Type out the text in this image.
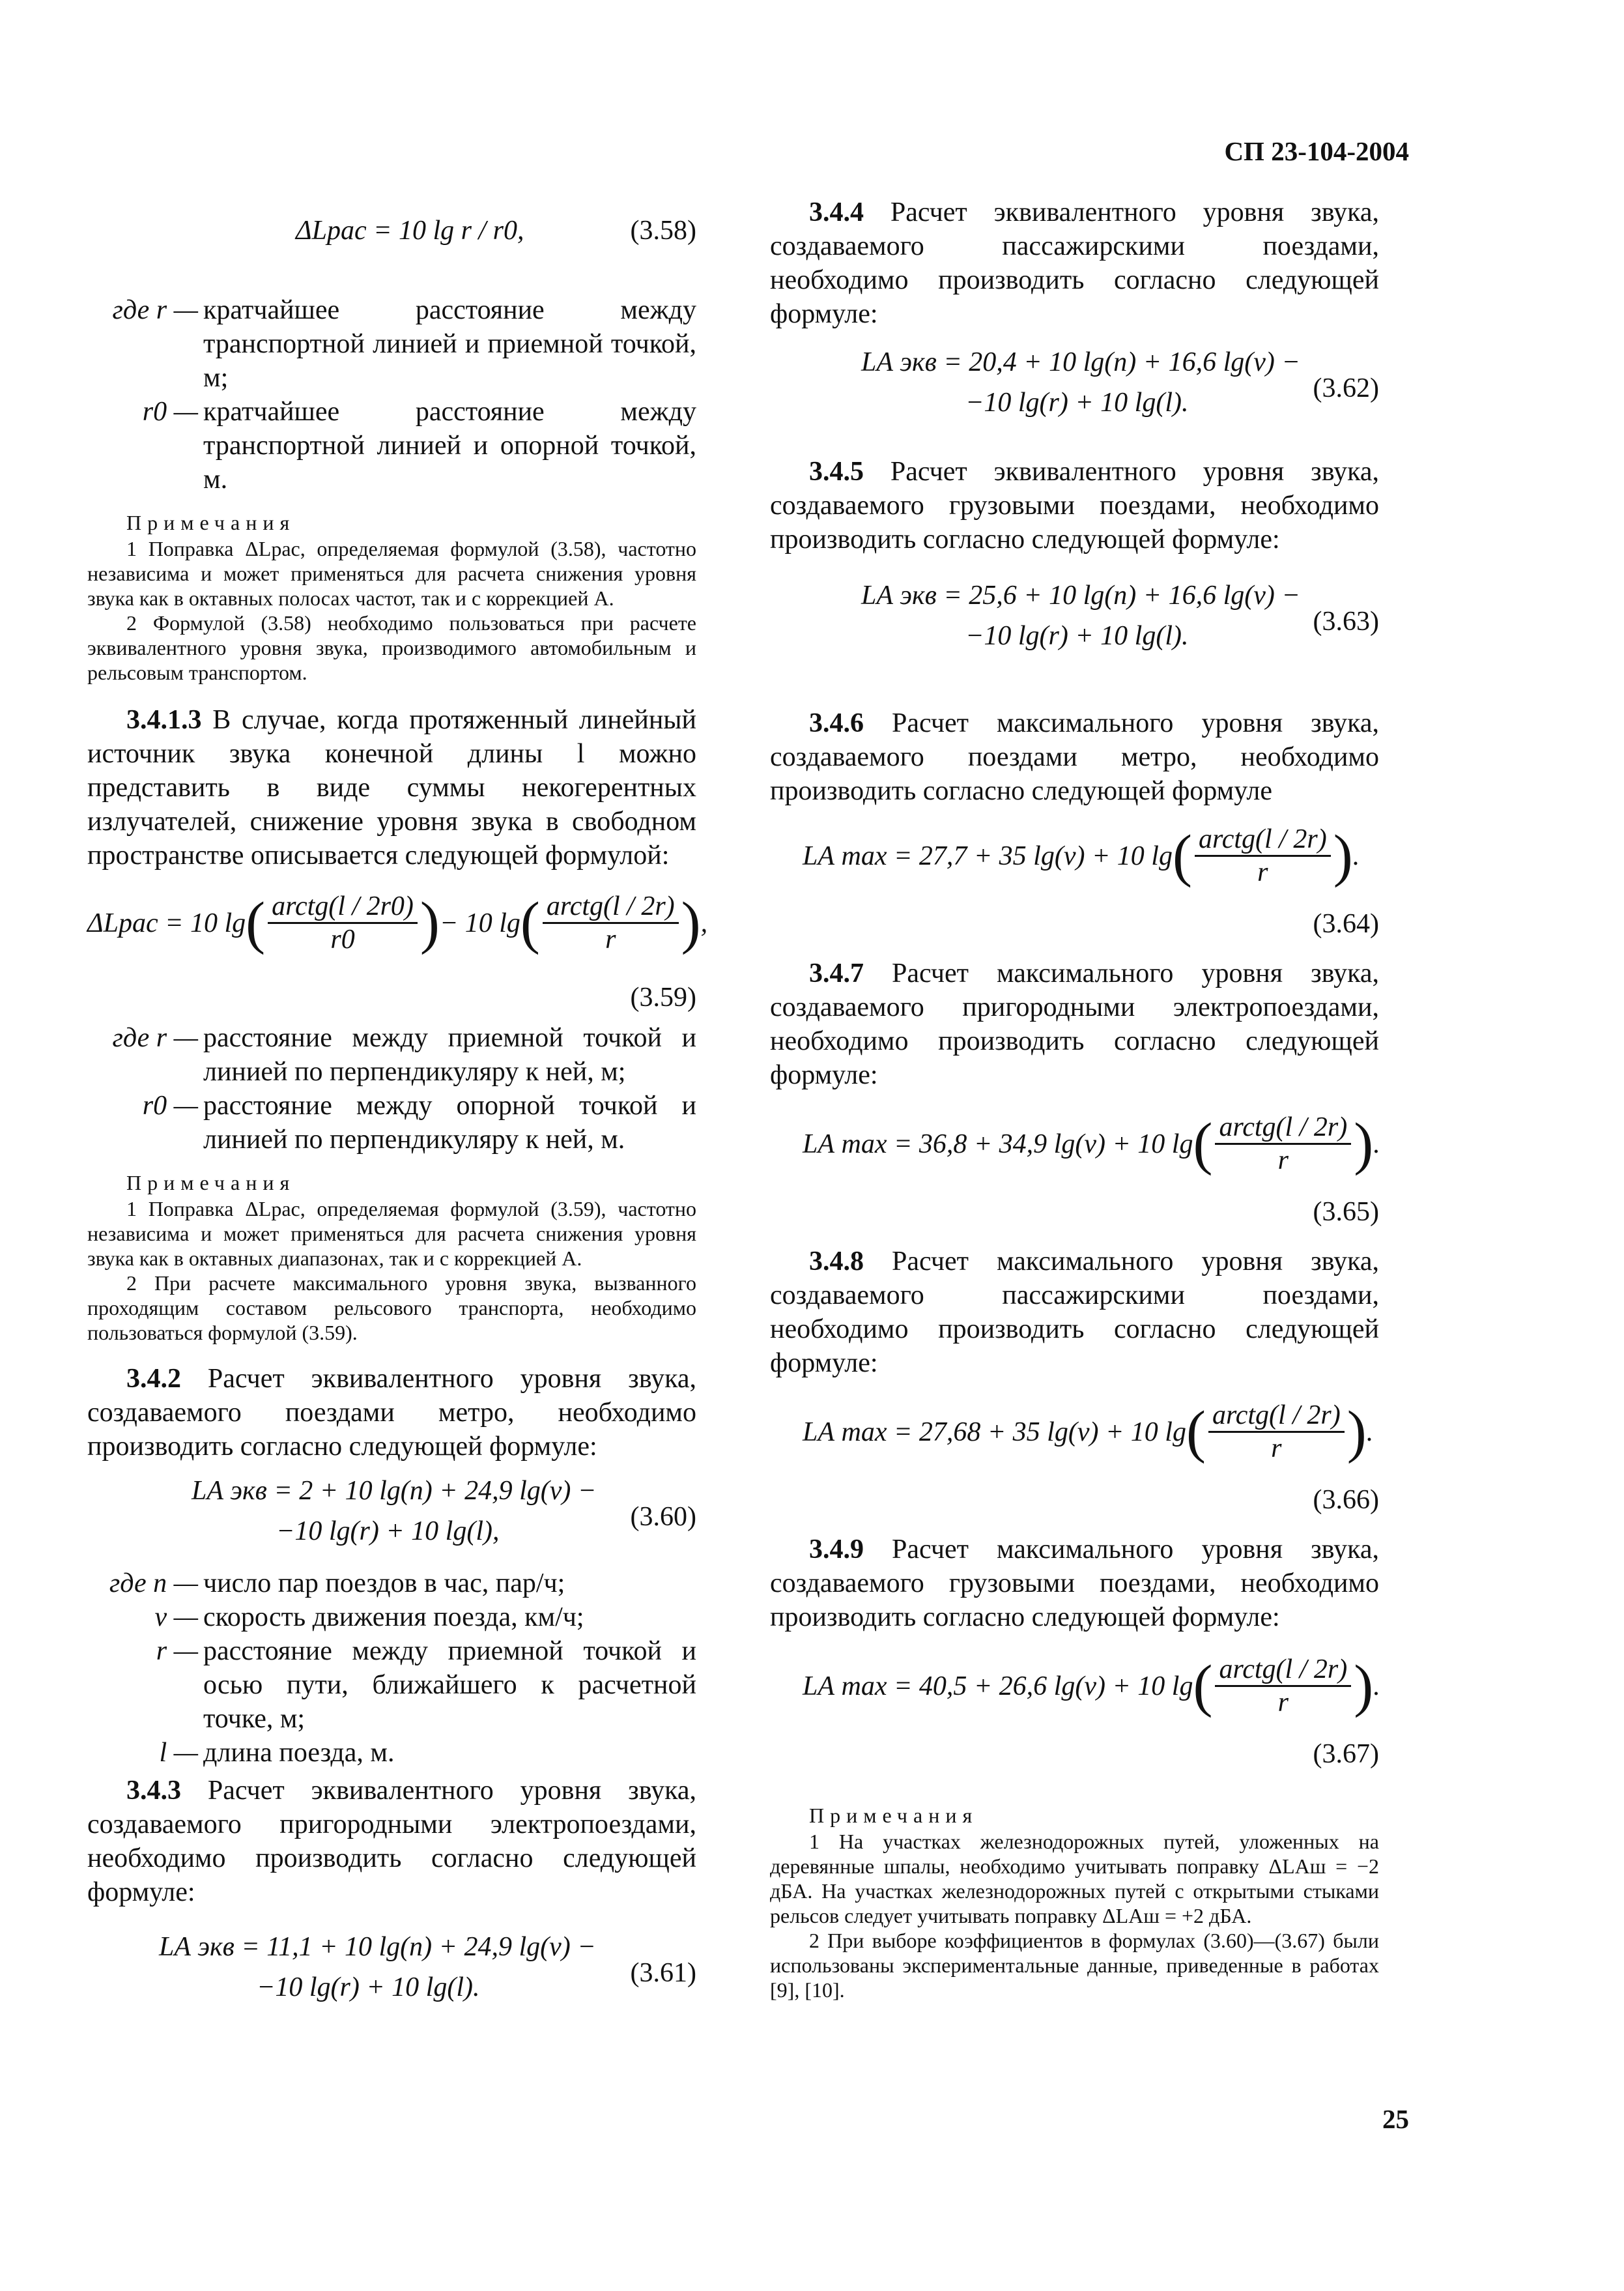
СП 23-104-2004
ΔLрас = 10 lg r / r0,	(3.58)
где r — кратчайшее расстояние между транспортной линией и приемной точкой, м;
r0 — кратчайшее расстояние между транспортной линией и опорной точкой, м.
Примечания

1 Поправка ΔLрас, определяемая формулой (3.58), частотно независима и может применяться для расчета снижения уровня звука как в октавных полосах частот, так и с коррекцией А.

2 Формулой (3.58) необходимо пользоваться при расчете эквивалентного уровня звука, производимого автомобильным и рельсовым транспортом.

3.4.1.3 В случае, когда протяженный линейный источник звука конечной длины l можно представить в виде суммы некогерентных излучателей, снижение уровня звука в свободном пространстве описывается следующей формулой:

ΔLрас = 10 lg ( $\frac{\text{arctg(l / 2r0)}}{r0}$ ) − 10 lg ( $\frac{\text{arctg(l / 2r)}}{r}$ ) ,
(3.59)
где r — расстояние между приемной точкой и линией по перпендикуляру к ней, м;
r0 — расстояние между опорной точкой и линией по перпендикуляру к ней, м.
Примечания

1 Поправка ΔLрас, определяемая формулой (3.59), частотно независима и может применяться для расчета снижения уровня звука как в октавных диапазонах, так и с коррекцией А.

2 При расчете максимального уровня звука, вызванного проходящим составом рельсового транспорта, необходимо пользоваться формулой (3.59).

3.4.2 Расчет эквивалентного уровня звука, создаваемого поездами метро, необходимо производить согласно следующей формуле:

LА экв = 2 + 10 lg(n) + 24,9 lg(v) −
−10 lg(r) + 10 lg(l),	(3.60)
где n — число пар поездов в час, пар/ч;
v — скорость движения поезда, км/ч;
r — расстояние между приемной точкой и осью пути, ближайшего к расчетной точке, м;
l — длина поезда, м.

3.4.3 Расчет эквивалентного уровня звука, создаваемого пригородными электропоездами, необходимо производить согласно следующей формуле:

LА экв = 11,1 + 10 lg(n) + 24,9 lg(v) −
−10 lg(r) + 10 lg(l).	(3.61)

3.4.4 Расчет эквивалентного уровня звука, создаваемого пассажирскими поездами, необходимо производить согласно следующей формуле:

LА экв = 20,4 + 10 lg(n) + 16,6 lg(v) −
−10 lg(r) + 10 lg(l).	(3.62)

3.4.5 Расчет эквивалентного уровня звука, создаваемого грузовыми поездами, необходимо производить согласно следующей формуле:

LА экв = 25,6 + 10 lg(n) + 16,6 lg(v) −
−10 lg(r) + 10 lg(l).	(3.63)

3.4.6 Расчет максимального уровня звука, создаваемого поездами метро, необходимо производить согласно следующей формуле

LА max = 27,7 + 35 lg(v) + 10 lg ( $\frac{\text{arctg(l / 2r)}}{r}$ ) .
(3.64)

3.4.7 Расчет максимального уровня звука, создаваемого пригородными электропоездами, необходимо производить согласно следующей формуле:

LА max = 36,8 + 34,9 lg(v) + 10 lg ( $\frac{\text{arctg(l / 2r)}}{r}$ ) .
(3.65)

3.4.8 Расчет максимального уровня звука, создаваемого пассажирскими поездами, необходимо производить согласно следующей формуле:

LА max = 27,68 + 35 lg(v) + 10 lg ( $\frac{\text{arctg(l / 2r)}}{r}$ ) .
(3.66)

3.4.9 Расчет максимального уровня звука, создаваемого грузовыми поездами, необходимо производить согласно следующей формуле:

LА max = 40,5 + 26,6 lg(v) + 10 lg ( $\frac{\text{arctg(l / 2r)}}{r}$ ) .
(3.67)
Примечания

1 На участках железнодорожных путей, уложенных на деревянные шпалы, необходимо учитывать поправку ΔLАш = −2 дБА. На участках железнодорожных путей с открытыми стыками рельсов следует учитывать поправку ΔLАш = +2 дБА.

2 При выборе коэффициентов в формулах (3.60)—(3.67) были использованы экспериментальные данные, приведенные в работах [9], [10].

25
